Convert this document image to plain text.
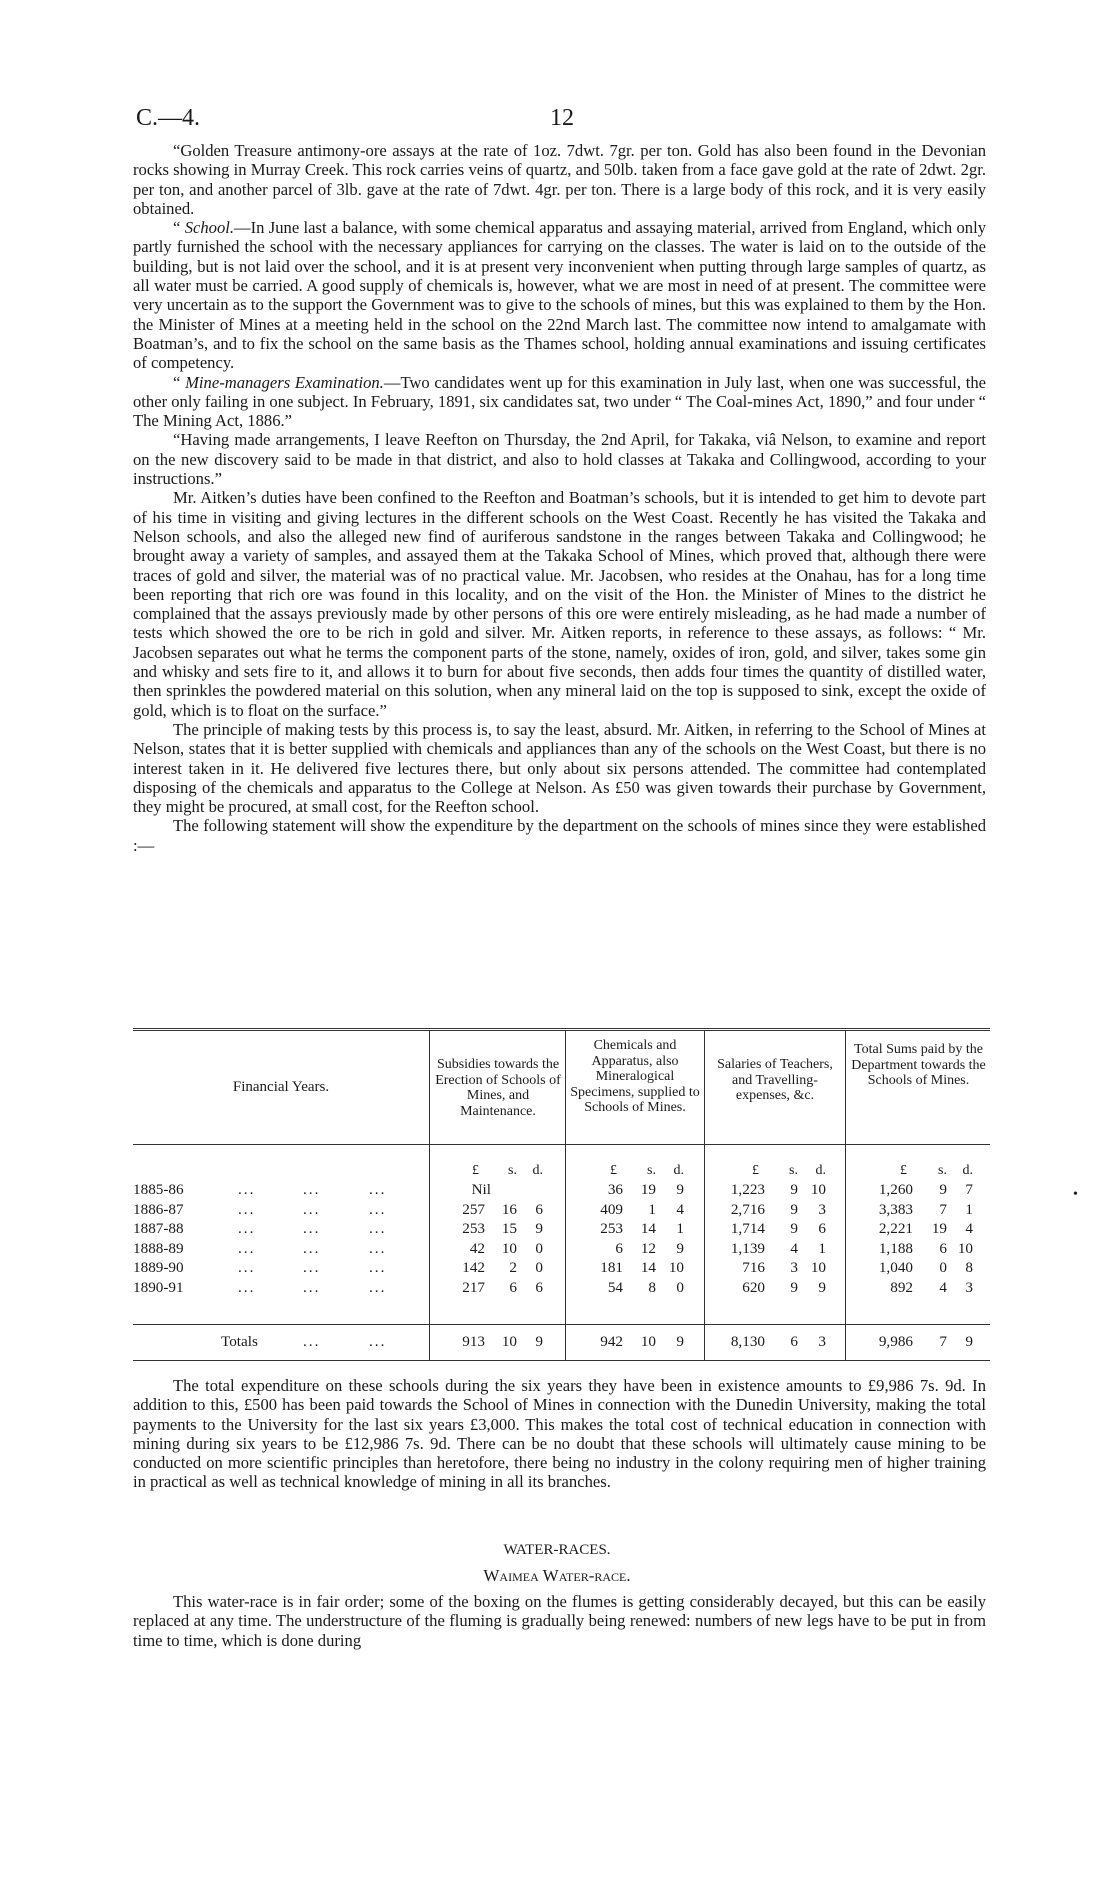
C.—4.	12

“Golden Treasure antimony-ore assays at the rate of 1oz. 7dwt. 7gr. per ton. Gold has also been found in the Devonian rocks showing in Murray Creek. This rock carries veins of quartz, and 50lb. taken from a face gave gold at the rate of 2dwt. 2gr. per ton, and another parcel of 3lb. gave at the rate of 7dwt. 4gr. per ton. There is a large body of this rock, and it is very easily obtained.

“ School.—In June last a balance, with some chemical apparatus and assaying material, arrived from England, which only partly furnished the school with the necessary appliances for carrying on the classes. The water is laid on to the outside of the building, but is not laid over the school, and it is at present very inconvenient when putting through large samples of quartz, as all water must be carried. A good supply of chemicals is, however, what we are most in need of at present. The committee were very uncertain as to the support the Government was to give to the schools of mines, but this was explained to them by the Hon. the Minister of Mines at a meeting held in the school on the 22nd March last. The committee now intend to amalgamate with Boatman’s, and to fix the school on the same basis as the Thames school, holding annual examinations and issuing certificates of competency.

“ Mine-managers Examination.—Two candidates went up for this examination in July last, when one was successful, the other only failing in one subject. In February, 1891, six candidates sat, two under “ The Coal-mines Act, 1890,” and four under “ The Mining Act, 1886.”

“Having made arrangements, I leave Reefton on Thursday, the 2nd April, for Takaka, viâ Nelson, to examine and report on the new discovery said to be made in that district, and also to hold classes at Takaka and Collingwood, according to your instructions.”

Mr. Aitken’s duties have been confined to the Reefton and Boatman’s schools, but it is intended to get him to devote part of his time in visiting and giving lectures in the different schools on the West Coast. Recently he has visited the Takaka and Nelson schools, and also the alleged new find of auriferous sandstone in the ranges between Takaka and Collingwood; he brought away a variety of samples, and assayed them at the Takaka School of Mines, which proved that, although there were traces of gold and silver, the material was of no practical value. Mr. Jacobsen, who resides at the Onahau, has for a long time been reporting that rich ore was found in this locality, and on the visit of the Hon. the Minister of Mines to the district he complained that the assays previously made by other persons of this ore were entirely misleading, as he had made a number of tests which showed the ore to be rich in gold and silver. Mr. Aitken reports, in reference to these assays, as follows: “ Mr. Jacobsen separates out what he terms the component parts of the stone, namely, oxides of iron, gold, and silver, takes some gin and whisky and sets fire to it, and allows it to burn for about five seconds, then adds four times the quantity of distilled water, then sprinkles the powdered material on this solution, when any mineral laid on the top is supposed to sink, except the oxide of gold, which is to float on the surface.”

The principle of making tests by this process is, to say the least, absurd. Mr. Aitken, in referring to the School of Mines at Nelson, states that it is better supplied with chemicals and appliances than any of the schools on the West Coast, but there is no interest taken in it. He delivered five lectures there, but only about six persons attended. The committee had contemplated disposing of the chemicals and apparatus to the College at Nelson. As £50 was given towards their purchase by Government, they might be procured, at small cost, for the Reefton school.

The following statement will show the expenditure by the department on the schools of mines since they were established :—

•
Financial Years.
Subsidies towards the Erection of Schools of Mines, and Maintenance.
Chemicals and Apparatus, also Mineralogical Specimens, supplied to Schools of Mines.
Salaries of Teachers, and Travelling-expenses, &c.
Total Sums paid by the Department towards the Schools of Mines.
£ s. d.	£ s. d.	£ s. d.	£ s. d.
1885-86	...	...	...	Nil	36 19 9	1,223 9 10	1,260 9 7
1886-87	...	...	...	257 16 6	409 1 4	2,716 9 3	3,383 7 1
1887-88	...	...	...	253 15 9	253 14 1	1,714 9 6	2,221 19 4
1888-89	...	...	...	42 10 0	6 12 9	1,139 4 1	1,188 6 10
1889-90	...	...	...	142 2 0	181 14 10	716 3 10	1,040 0 8
1890-91	...	...	...	217 6 6	54 8 0	620 9 9	892 4 3
Totals	...	...	913 10 9	942 10 9	8,130 6 3	9,986 7 9

The total expenditure on these schools during the six years they have been in existence amounts to £9,986 7s. 9d. In addition to this, £500 has been paid towards the School of Mines in connection with the Dunedin University, making the total payments to the University for the last six years £3,000. This makes the total cost of technical education in connection with mining during six years to be £12,986 7s. 9d. There can be no doubt that these schools will ultimately cause mining to be conducted on more scientific principles than heretofore, there being no industry in the colony requiring men of higher training in practical as well as technical knowledge of mining in all its branches.

WATER-RACES.
Waimea Water-race.

This water-race is in fair order; some of the boxing on the flumes is getting considerably decayed, but this can be easily replaced at any time. The understructure of the fluming is gradually being renewed: numbers of new legs have to be put in from time to time, which is done during
